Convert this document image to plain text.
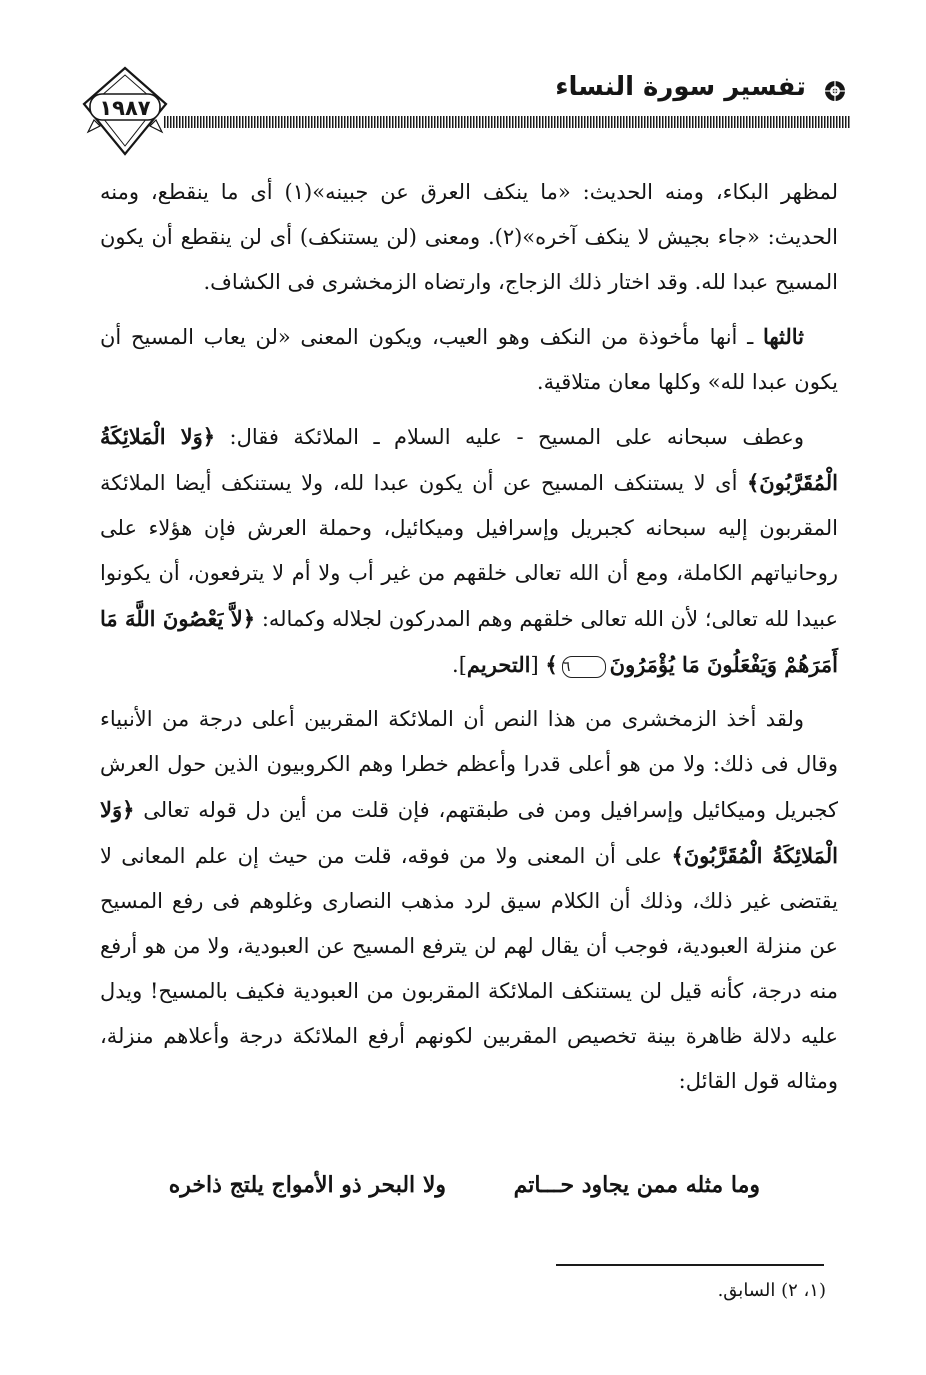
١٩٨٧
تفسير سورة النساء

لمظهر البكاء، ومنه الحديث: «ما ينكف العرق عن جبينه»(١) أى ما ينقطع، ومنه الحديث: «جاء بجيش لا ينكف آخره»(٢). ومعنى (لن يستنكف) أى لن ينقطع أن يكون المسيح عبدا لله. وقد اختار ذلك الزجاج، وارتضاه الزمخشرى فى الكشاف.

ثالثها ـ أنها مأخوذة من النكف وهو العيب، ويكون المعنى «لن يعاب المسيح أن يكون عبدا لله» وكلها معان متلاقية.

وعطف سبحانه على المسيح - عليه السلام ـ الملائكة فقال: ﴿وَلا الْمَلائِكَةُ الْمُقَرَّبُونَ﴾ أى لا يستنكف المسيح عن أن يكون عبدا لله، ولا يستنكف أيضا الملائكة المقربون إليه سبحانه كجبريل وإسرافيل وميكائيل، وحملة العرش فإن هؤلاء على روحانياتهم الكاملة، ومع أن الله تعالى خلقهم من غير أب ولا أم لا يترفعون، أن يكونوا عبيدا لله تعالى؛ لأن الله تعالى خلقهم وهم المدركون لجلاله وكماله: ﴿لاَّ يَعْصُونَ اللَّهَ مَا أَمَرَهُمْ وَيَفْعَلُونَ مَا يُؤْمَرُونَ٦﴾ [التحريم].

ولقد أخذ الزمخشرى من هذا النص أن الملائكة المقربين أعلى درجة من الأنبياء وقال فى ذلك: ولا من هو أعلى قدرا وأعظم خطرا وهم الكروبيون الذين حول العرش كجبريل وميكائيل وإسرافيل ومن فى طبقتهم، فإن قلت من أين دل قوله تعالى ﴿وَلا الْمَلائِكَةُ الْمُقَرَّبُونَ﴾ على أن المعنى ولا من فوقه، قلت من حيث إن علم المعانى لا يقتضى غير ذلك، وذلك أن الكلام سيق لرد مذهب النصارى وغلوهم فى رفع المسيح عن منزلة العبودية، فوجب أن يقال لهم لن يترفع المسيح عن العبودية، ولا من هو أرفع منه درجة، كأنه قيل لن يستنكف الملائكة المقربون من العبودية فكيف بالمسيح! ويدل عليه دلالة ظاهرة بينة تخصيص المقربين لكونهم أرفع الملائكة درجة وأعلاهم منزلة، ومثاله قول القائل:

وما مثله ممن يجاود حـــاتم
ولا البحر ذو الأمواج يلتج ذاخره
(١، ٢) السابق.
